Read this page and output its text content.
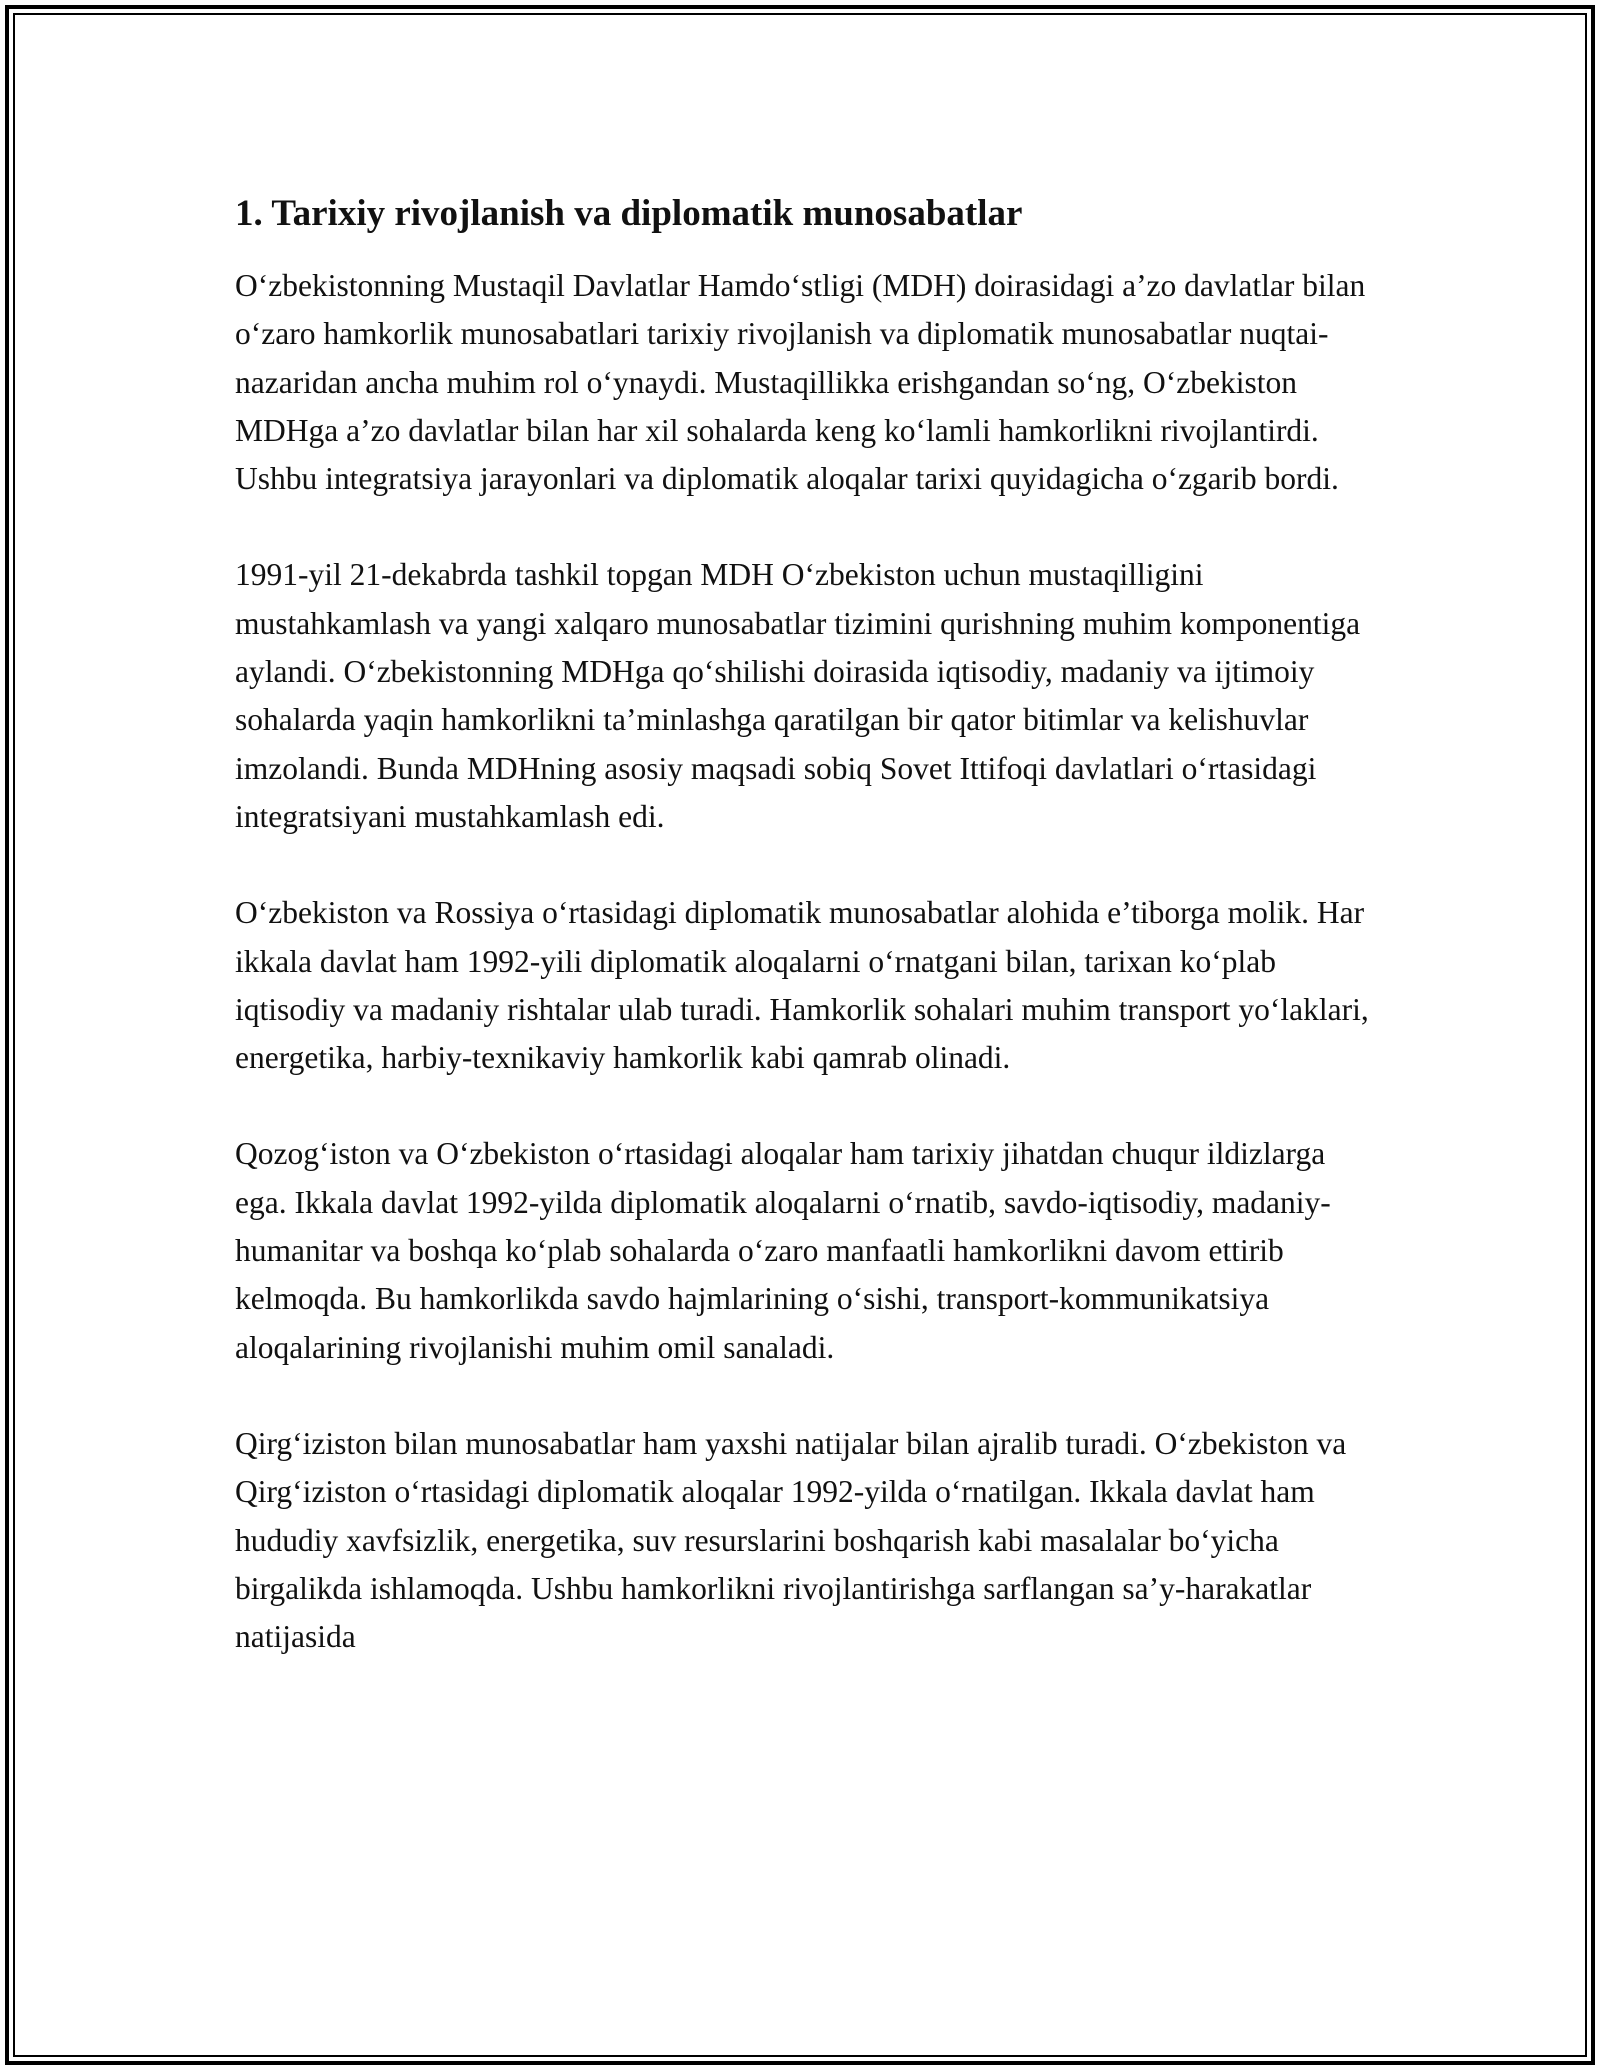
1. Tarixiy rivojlanish va diplomatik munosabatlar

O‘zbekistonning Mustaqil Davlatlar Hamdo‘stligi (MDH) doirasidagi a’zo davlatlar bilan o‘zaro hamkorlik munosabatlari tarixiy rivojlanish va diplomatik munosabatlar nuqtai-nazaridan ancha muhim rol o‘ynaydi. Mustaqillikka erishgandan so‘ng, O‘zbekiston MDHga a’zo davlatlar bilan har xil sohalarda keng ko‘lamli hamkorlikni rivojlantirdi. Ushbu integratsiya jarayonlari va diplomatik aloqalar tarixi quyidagicha o‘zgarib bordi.

1991-yil 21-dekabrda tashkil topgan MDH O‘zbekiston uchun mustaqilligini mustahkamlash va yangi xalqaro munosabatlar tizimini qurishning muhim komponentiga aylandi. O‘zbekistonning MDHga qo‘shilishi doirasida iqtisodiy, madaniy va ijtimoiy sohalarda yaqin hamkorlikni ta’minlashga qaratilgan bir qator bitimlar va kelishuvlar imzolandi. Bunda MDHning asosiy maqsadi sobiq Sovet Ittifoqi davlatlari o‘rtasidagi integratsiyani mustahkamlash edi.

O‘zbekiston va Rossiya o‘rtasidagi diplomatik munosabatlar alohida e’tiborga molik. Har ikkala davlat ham 1992-yili diplomatik aloqalarni o‘rnatgani bilan, tarixan ko‘plab iqtisodiy va madaniy rishtalar ulab turadi. Hamkorlik sohalari muhim transport yo‘laklari, energetika, harbiy-texnikaviy hamkorlik kabi qamrab olinadi.

Qozog‘iston va O‘zbekiston o‘rtasidagi aloqalar ham tarixiy jihatdan chuqur ildizlarga ega. Ikkala davlat 1992-yilda diplomatik aloqalarni o‘rnatib, savdo-iqtisodiy, madaniy-humanitar va boshqa ko‘plab sohalarda o‘zaro manfaatli hamkorlikni davom ettirib kelmoqda. Bu hamkorlikda savdo hajmlarining o‘sishi, transport-kommunikatsiya aloqalarining rivojlanishi muhim omil sanaladi.

Qirg‘iziston bilan munosabatlar ham yaxshi natijalar bilan ajralib turadi. O‘zbekiston va Qirg‘iziston o‘rtasidagi diplomatik aloqalar 1992-yilda o‘rnatilgan. Ikkala davlat ham hududiy xavfsizlik, energetika, suv resurslarini boshqarish kabi masalalar bo‘yicha birgalikda ishlamoqda. Ushbu hamkorlikni rivojlantirishga sarflangan sa’y-harakatlar natijasida
